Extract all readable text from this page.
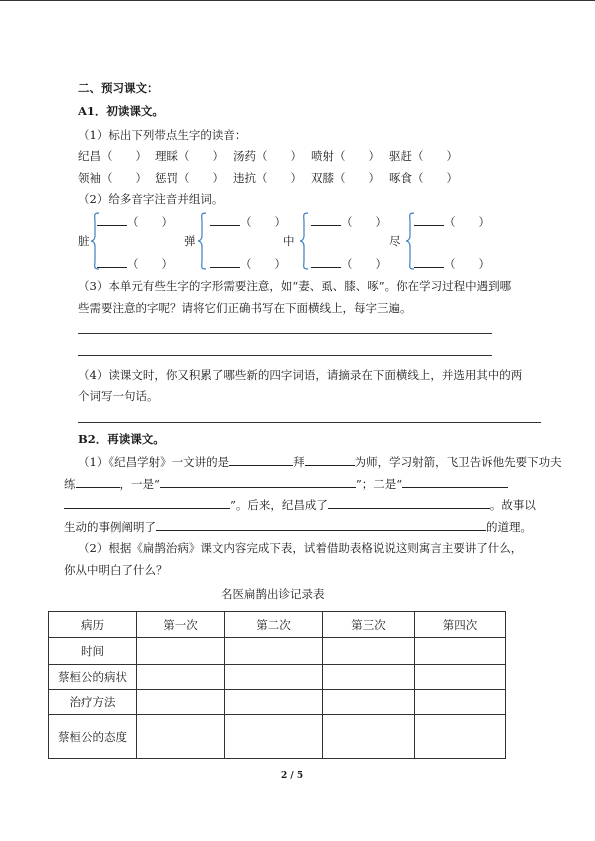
二、预习课文：
A1．初读课文。
（1）标出下列带点生字的读音：
纪昌（　　） 理睬（　　） 汤药（　　） 喷射（　　） 驱赶（　　）
领袖（　　） 惩罚（　　） 违抗（　　） 双膝（　　） 啄食（　　）
（2）给多音字注音并组词。
脏
（　　）
（　　）
弹
（　　）
（　　）
中
（　　）
（　　）
尽
（　　）
（　　）
（3）本单元有些生字的字形需要注意，如“妻、虱、膝、啄”。你在学习过程中遇到哪
些需要注意的字呢？请将它们正确书写在下面横线上，每字三遍。
（4）读课文时，你又积累了哪些新的四字词语，请摘录在下面横线上，并选用其中的两
个词写一句话。
B2．再读课文。
（1）《纪昌学射》一文讲的是	拜	为师，学习射箭，飞卫告诉他先要下功夫
练	，一是“	”；二是“
”。后来，纪昌成了	。故事以
生动的事例阐明了	的道理。
（2）根据《扁鹊治病》课文内容完成下表，试着借助表格说说这则寓言主要讲了什么，
你从中明白了什么？
名医扁鹊出诊记录表
病历	第一次	第二次	第三次	第四次
时间				
蔡桓公的病状				
治疗方法				
蔡桓公的态度				
2 / 5
